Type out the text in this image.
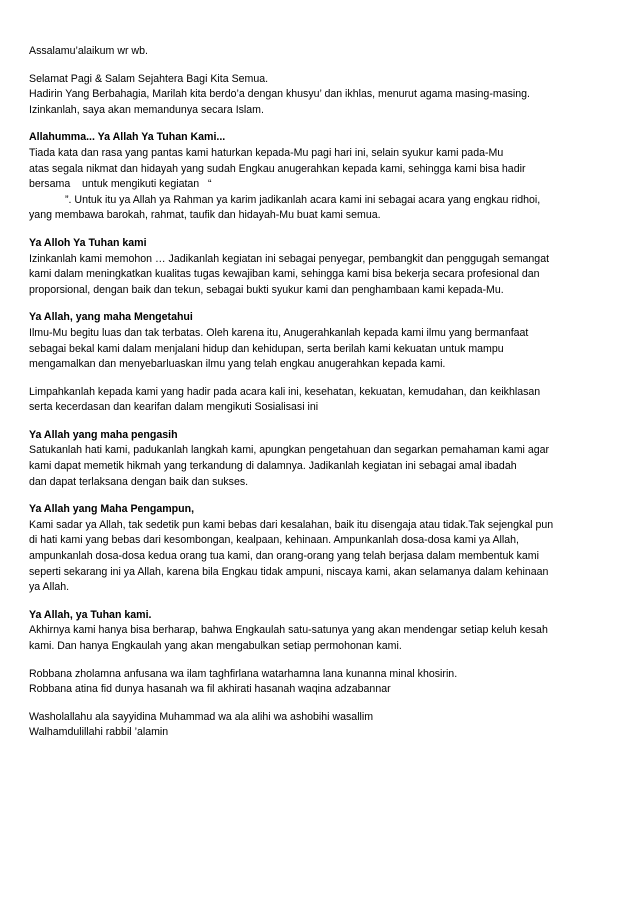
Assalamu’alaikum wr wb.
Selamat Pagi & Salam Sejahtera Bagi Kita Semua.
Hadirin Yang Berbahagia, Marilah kita berdo’a dengan khusyu’ dan ikhlas, menurut agama masing-masing.
Izinkanlah, saya akan memandunya secara Islam.
Allahumma... Ya Allah Ya Tuhan Kami...
Tiada kata dan rasa yang pantas kami haturkan kepada-Mu pagi hari ini, selain syukur kami pada-Mu
atas segala nikmat dan hidayah yang sudah Engkau anugerahkan kepada kami, sehingga kami bisa hadir
bersama    untuk mengikuti kegiatan   “
”. Untuk itu ya Allah ya Rahman ya karim jadikanlah acara kami ini sebagai acara yang engkau ridhoi,
yang membawa barokah, rahmat, taufik dan hidayah-Mu buat kami semua.
Ya Alloh Ya Tuhan kami
Izinkanlah kami memohon … Jadikanlah kegiatan ini sebagai penyegar, pembangkit dan penggugah semangat
kami dalam meningkatkan kualitas tugas kewajiban kami, sehingga kami bisa bekerja secara profesional dan
proporsional, dengan baik dan tekun, sebagai bukti syukur kami dan penghambaan kami kepada-Mu.
Ya Allah, yang maha Mengetahui
Ilmu-Mu begitu luas dan tak terbatas. Oleh karena itu, Anugerahkanlah kepada kami ilmu yang bermanfaat
sebagai bekal kami dalam menjalani hidup dan kehidupan, serta berilah kami kekuatan untuk mampu
mengamalkan dan menyebarluaskan ilmu yang telah engkau anugerahkan kepada kami.
Limpahkanlah kepada kami yang hadir pada acara kali ini, kesehatan, kekuatan, kemudahan, dan keikhlasan
serta kecerdasan dan kearifan dalam mengikuti Sosialisasi ini
Ya Allah yang maha pengasih
Satukanlah hati kami, padukanlah langkah kami, apungkan pengetahuan dan segarkan pemahaman kami agar
kami dapat memetik hikmah yang terkandung di dalamnya. Jadikanlah kegiatan ini sebagai amal ibadah
dan dapat terlaksana dengan baik dan sukses.
Ya Allah yang Maha Pengampun,
Kami sadar ya Allah, tak sedetik pun kami bebas dari kesalahan, baik itu disengaja atau tidak.Tak sejengkal pun
di hati kami yang bebas dari kesombongan, kealpaan, kehinaan. Ampunkanlah dosa-dosa kami ya Allah,
ampunkanlah dosa-dosa kedua orang tua kami, dan orang-orang yang telah berjasa dalam membentuk kami
seperti sekarang ini ya Allah, karena bila Engkau tidak ampuni, niscaya kami, akan selamanya dalam kehinaan
ya Allah.
Ya Allah, ya Tuhan kami.
Akhirnya kami hanya bisa berharap, bahwa Engkaulah satu-satunya yang akan mendengar setiap keluh kesah
kami. Dan hanya Engkaulah yang akan mengabulkan setiap permohonan kami.
Robbana zholamna anfusana wa ilam taghfirlana watarhamna lana kunanna minal khosirin.
Robbana atina fid dunya hasanah wa fil akhirati hasanah waqina adzabannar
Washolallahu ala sayyidina Muhammad wa ala alihi wa ashobihi wasallim
Walhamdulillahi rabbil ’alamin
